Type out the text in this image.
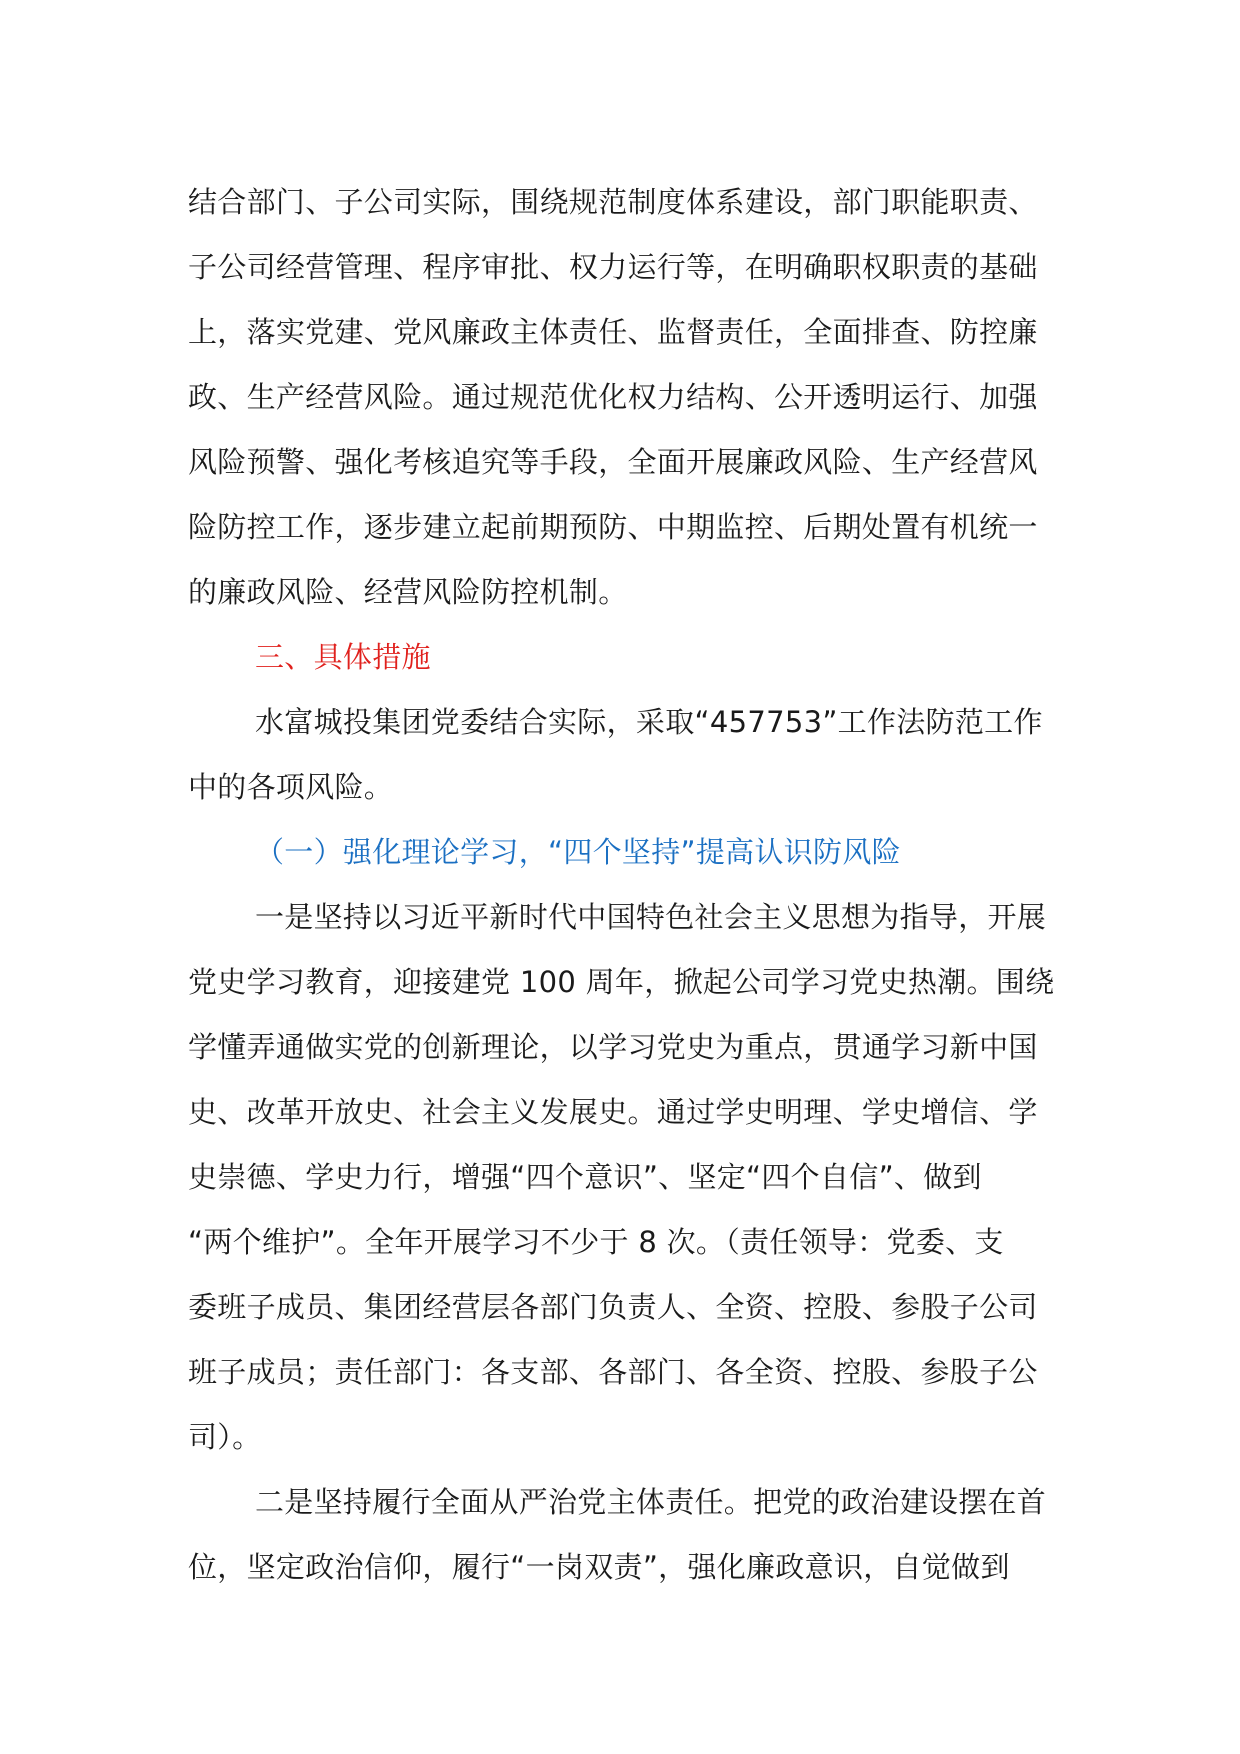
结合部门、子公司实际，围绕规范制度体系建设，部门职能职责、
子公司经营管理、程序审批、权力运行等，在明确职权职责的基础
上，落实党建、党风廉政主体责任、监督责任，全面排查、防控廉
政、生产经营风险。通过规范优化权力结构、公开透明运行、加强
风险预警、强化考核追究等手段，全面开展廉政风险、生产经营风
险防控工作，逐步建立起前期预防、中期监控、后期处置有机统一
的廉政风险、经营风险防控机制。
三、具体措施
水富城投集团党委结合实际，采取“457753”工作法防范工作
中的各项风险。
（一）强化理论学习，“四个坚持”提高认识防风险
一是坚持以习近平新时代中国特色社会主义思想为指导，开展
党史学习教育，迎接建党 100 周年，掀起公司学习党史热潮。围绕
学懂弄通做实党的创新理论，以学习党史为重点，贯通学习新中国
史、改革开放史、社会主义发展史。通过学史明理、学史增信、学
史崇德、学史力行，增强“四个意识”、坚定“四个自信”、做到
“两个维护”。全年开展学习不少于 8 次。（责任领导：党委、支
委班子成员、集团经营层各部门负责人、全资、控股、参股子公司
班子成员；责任部门：各支部、各部门、各全资、控股、参股子公
司）。
二是坚持履行全面从严治党主体责任。把党的政治建设摆在首
位，坚定政治信仰，履行“一岗双责”，强化廉政意识，自觉做到
